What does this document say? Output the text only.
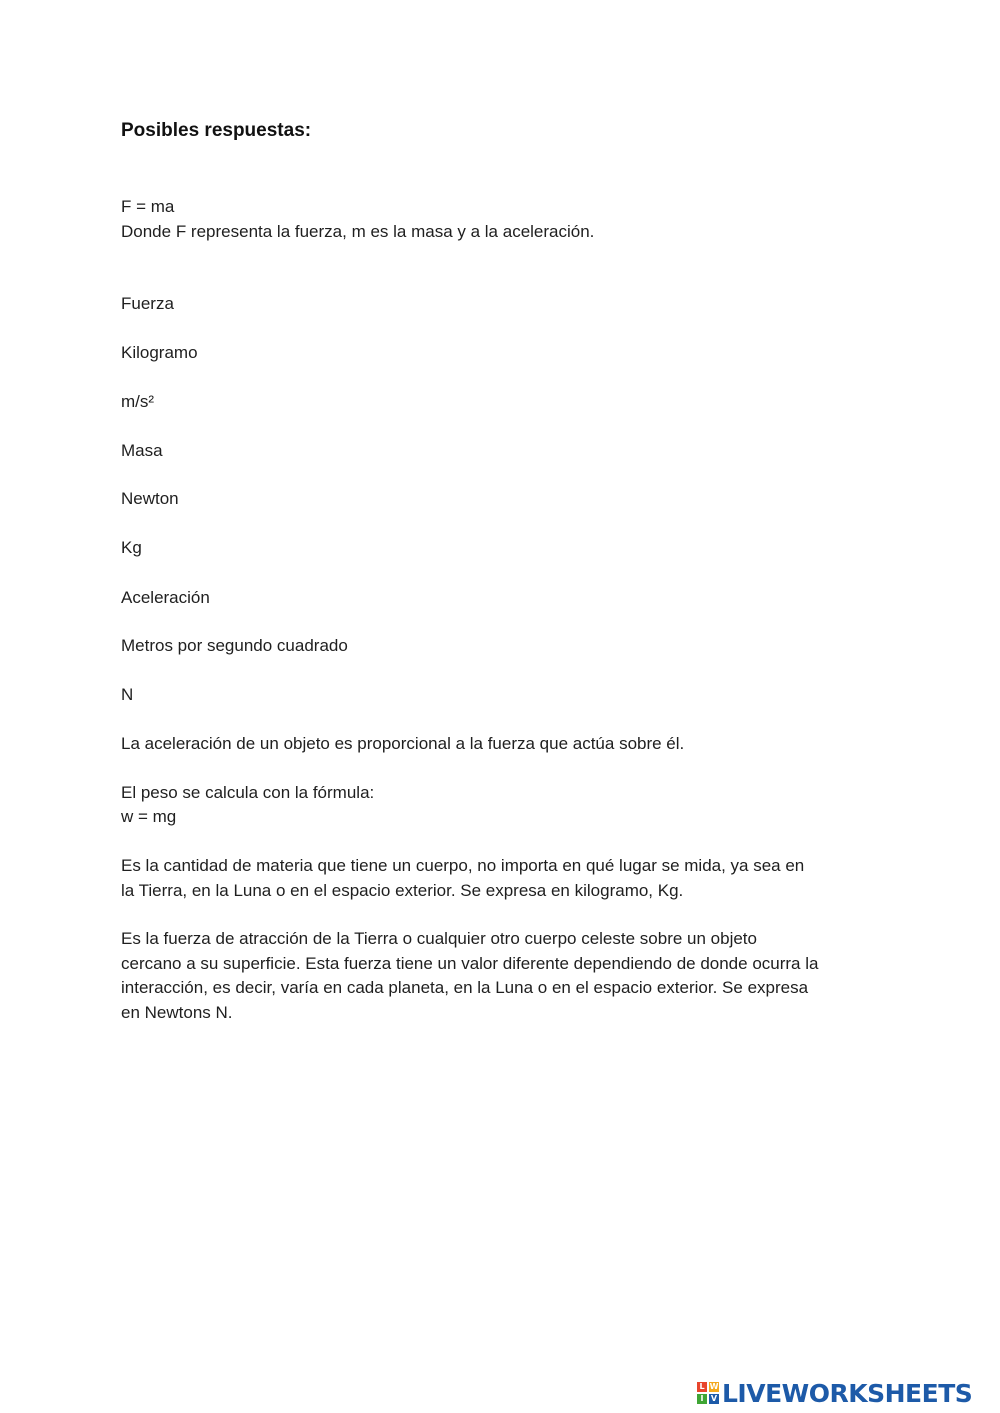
Posibles respuestas:
F = ma
Donde F representa la fuerza, m es la masa y a la aceleración.
Fuerza
Kilogramo
m/s²
Masa
Newton
Kg
Aceleración
Metros por segundo cuadrado
N
La aceleración de un objeto es proporcional a la fuerza que actúa sobre él.
El peso se calcula con la fórmula:
w = mg
Es la cantidad de materia que tiene un cuerpo, no importa en qué lugar se mida, ya sea en
la Tierra, en la Luna o en el espacio exterior. Se expresa en kilogramo, Kg.
Es la fuerza de atracción de la Tierra o cualquier otro cuerpo celeste sobre un objeto
cercano a su superficie. Esta fuerza tiene un valor diferente dependiendo de donde ocurra la
interacción, es decir, varía en cada planeta, en la Luna o en el espacio exterior. Se expresa
en Newtons N.
L W
I V LIVEWORKSHEETS
